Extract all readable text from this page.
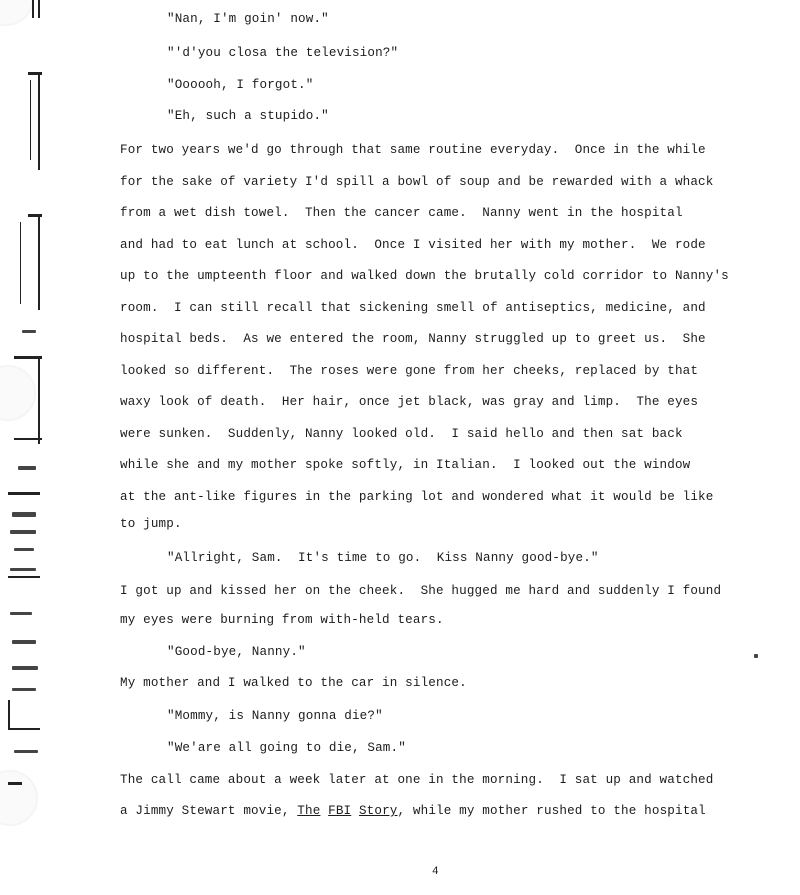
"Nan, I'm goin' now."
"'d'you closa the television?"
"Oooooh, I forgot."
"Eh, such a stupido."
For two years we'd go through that same routine everyday.  Once in the while
for the sake of variety I'd spill a bowl of soup and be rewarded with a whack
from a wet dish towel.  Then the cancer came.  Nanny went in the hospital
and had to eat lunch at school.  Once I visited her with my mother.  We rode
up to the umpteenth floor and walked down the brutally cold corridor to Nanny's
room.  I can still recall that sickening smell of antiseptics, medicine, and
hospital beds.  As we entered the room, Nanny struggled up to greet us.  She
looked so different.  The roses were gone from her cheeks, replaced by that
waxy look of death.  Her hair, once jet black, was gray and limp.  The eyes
were sunken.  Suddenly, Nanny looked old.  I said hello and then sat back
while she and my mother spoke softly, in Italian.  I looked out the window
at the ant-like figures in the parking lot and wondered what it would be like
to jump.
"Allright, Sam.  It's time to go.  Kiss Nanny good-bye."
I got up and kissed her on the cheek.  She hugged me hard and suddenly I found
my eyes were burning from with-held tears.
"Good-bye, Nanny."
My mother and I walked to the car in silence.
"Mommy, is Nanny gonna die?"
"We'are all going to die, Sam."
The call came about a week later at one in the morning.  I sat up and watched
a Jimmy Stewart movie, The FBI Story, while my mother rushed to the hospital
4
